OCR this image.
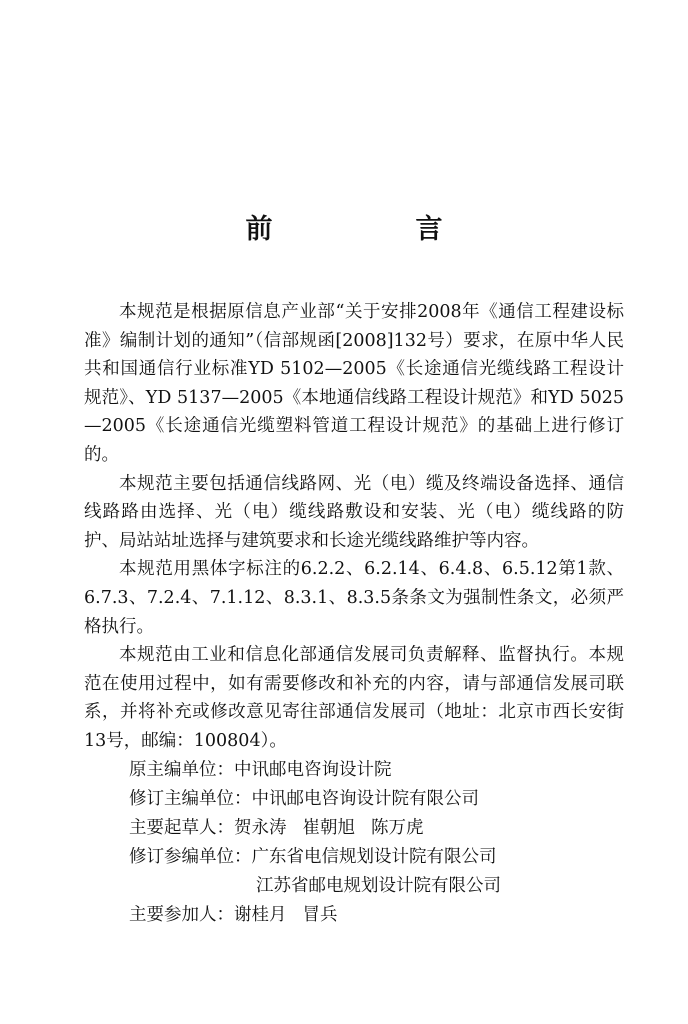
前　言

本规范是根据原信息产业部“关于安排2008年《通信工程建设标准》编制计划的通知”（信部规函[2008]132号）要求，在原中华人民共和国通信行业标准YD 5102—2005《长途通信光缆线路工程设计规范》、YD 5137—2005《本地通信线路工程设计规范》和YD 5025—2005《长途通信光缆塑料管道工程设计规范》的基础上进行修订的。

本规范主要包括通信线路网、光（电）缆及终端设备选择、通信线路路由选择、光（电）缆线路敷设和安装、光（电）缆线路的防护、局站站址选择与建筑要求和长途光缆线路维护等内容。

本规范用黑体字标注的6.2.2、6.2.14、6.4.8、6.5.12第1款、6.7.3、7.2.4、7.1.12、8.3.1、8.3.5条条文为强制性条文，必须严格执行。

本规范由工业和信息化部通信发展司负责解释、监督执行。本规范在使用过程中，如有需要修改和补充的内容，请与部通信发展司联系，并将补充或修改意见寄往部通信发展司（地址：北京市西长安街13号，邮编：100804）。

原主编单位：中讯邮电咨询设计院

修订主编单位：中讯邮电咨询设计院有限公司

主要起草人：贺永涛 崔朝旭 陈万虎

修订参编单位：广东省电信规划设计院有限公司

江苏省邮电规划设计院有限公司

主要参加人：谢桂月 冒兵
